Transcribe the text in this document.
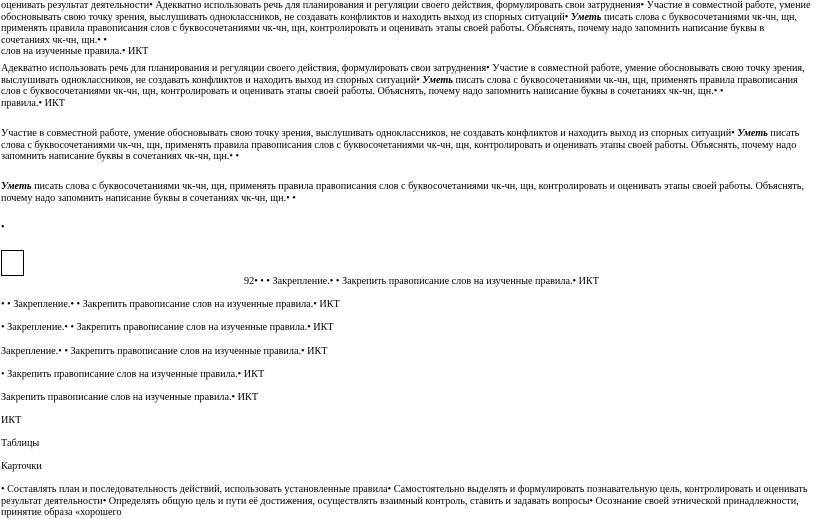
оценивать результат деятельности• Адекватно использовать речь для планирования и регуляции своего действия, формулировать свои затруднения• Участие в совместной работе, умение обосновывать свою точку зрения, выслушивать одноклассников, не создавать конфликтов и находить выход из спорных ситуаций• Уметь писать слова с буквосочетаниями чк-чн, щн, применять правила правописания слов с буквосочетаниями чк-чн, щн, контролировать и оценивать этапы своей работы. Объяснять, почему надо запомнить написание буквы в сочетаниях чк-чн, щн.• •
слов на изученные правила.• ИКТ

Адекватно использовать речь для планирования и регуляции своего действия, формулировать свои затруднения• Участие в совместной работе, умение обосновывать свою точку зрения, выслушивать одноклассников, не создавать конфликтов и находить выход из спорных ситуаций• Уметь писать слова с буквосочетаниями чк-чн, щн, применять правила правописания слов с буквосочетаниями чк-чн, щн, контролировать и оценивать этапы своей работы. Объяснять, почему надо запомнить написание буквы в сочетаниях чк-чн, щн.• •
правила.• ИКТ

Участие в совместной работе, умение обосновывать свою точку зрения, выслушивать одноклассников, не создавать конфликтов и находить выход из спорных ситуаций• Уметь писать слова с буквосочетаниями чк-чн, щн, применять правила правописания слов с буквосочетаниями чк-чн, щн, контролировать и оценивать этапы своей работы. Объяснять, почему надо запомнить написание буквы в сочетаниях чк-чн, щн.• •

Уметь писать слова с буквосочетаниями чк-чн, щн, применять правила правописания слов с буквосочетаниями чк-чн, щн, контролировать и оценивать этапы своей работы. Объяснять, почему надо запомнить написание буквы в сочетаниях чк-чн, щн.• •

•

92• • • Закрепление.• • Закрепить правописание слов на изученные правила.• ИКТ

• • Закрепление.• • Закрепить правописание слов на изученные правила.• ИКТ

• Закрепление.• • Закрепить правописание слов на изученные правила.• ИКТ

Закрепление.• • Закрепить правописание слов на изученные правила.• ИКТ

• Закрепить правописание слов на изученные правила.• ИКТ

Закрепить правописание слов на изученные правила.• ИКТ

ИКТ

Таблицы

Карточки

• Составлять план и последовательность действий, использовать установленные правила• Самостоятельно выделять и формулировать познавательную цель, контролировать и оценивать результат деятельности• Определять общую цель и пути её достижения, осуществлять взаимный контроль, ставить и задавать вопросы• Осознание своей этнической принадлежности, принятие образа «хорошего
